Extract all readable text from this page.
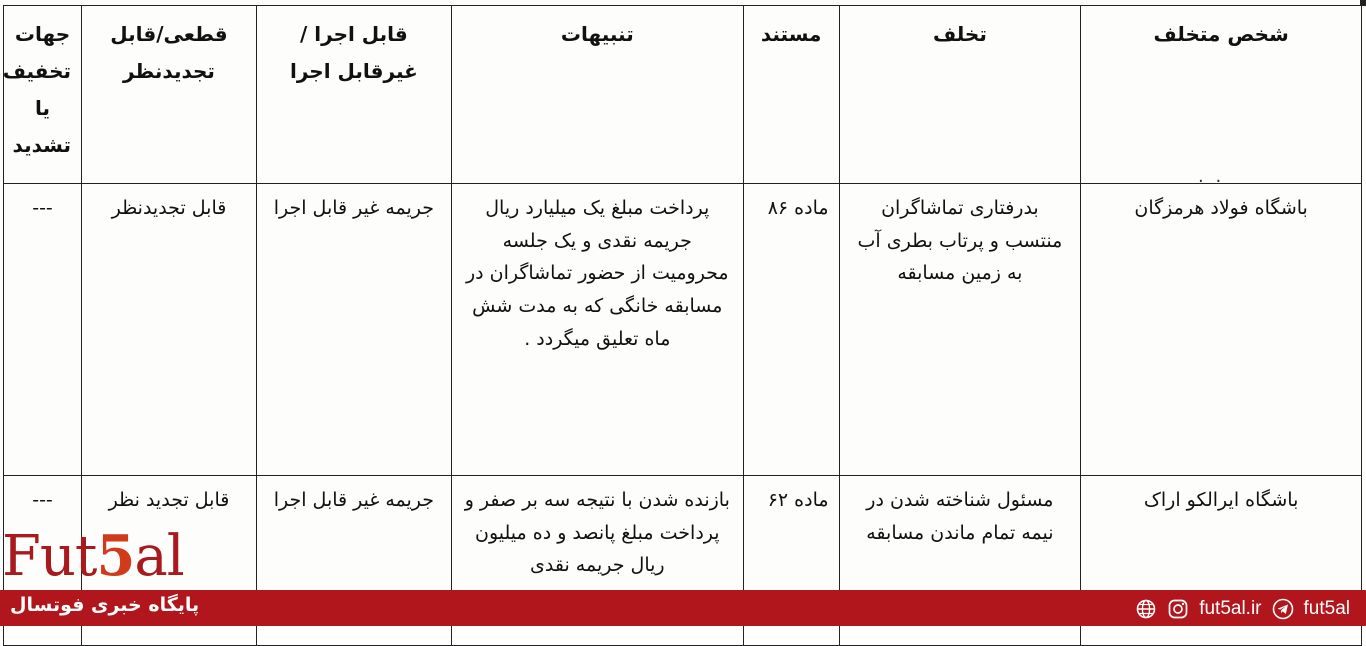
شخص متخلف	تخلف	مستند	تنبیهات	قابل اجرا /غیرقابل اجرا	قطعی/قابل تجدیدنظر	جهات تخفیف یا تشدید
باشگاه فولاد هرمزگان	بدرفتاری تماشاگران منتسب و پرتاب بطری آب به زمین مسابقه	ماده ۸۶	پرداخت مبلغ یک میلیارد ریال جریمه نقدی و یک جلسه محرومیت از حضور تماشاگران در مسابقه خانگی که به مدت شش ماه تعلیق میگردد .	جریمه غیر قابل اجرا	قابل تجدیدنظر	---
باشگاه ایرالکو اراک	مسئول شناخته شدن در نیمه تمام ماندن مسابقه	ماده ۶۲	بازنده شدن با نتیجه سه بر صفر و پرداخت مبلغ پانصد و ده میلیون ریال جریمه نقدی	جریمه غیر قابل اجرا	قابل تجدید نظر	---
. .
Fut5al
پایگاه خبری فوتسال	fut5al.ir fut5al
